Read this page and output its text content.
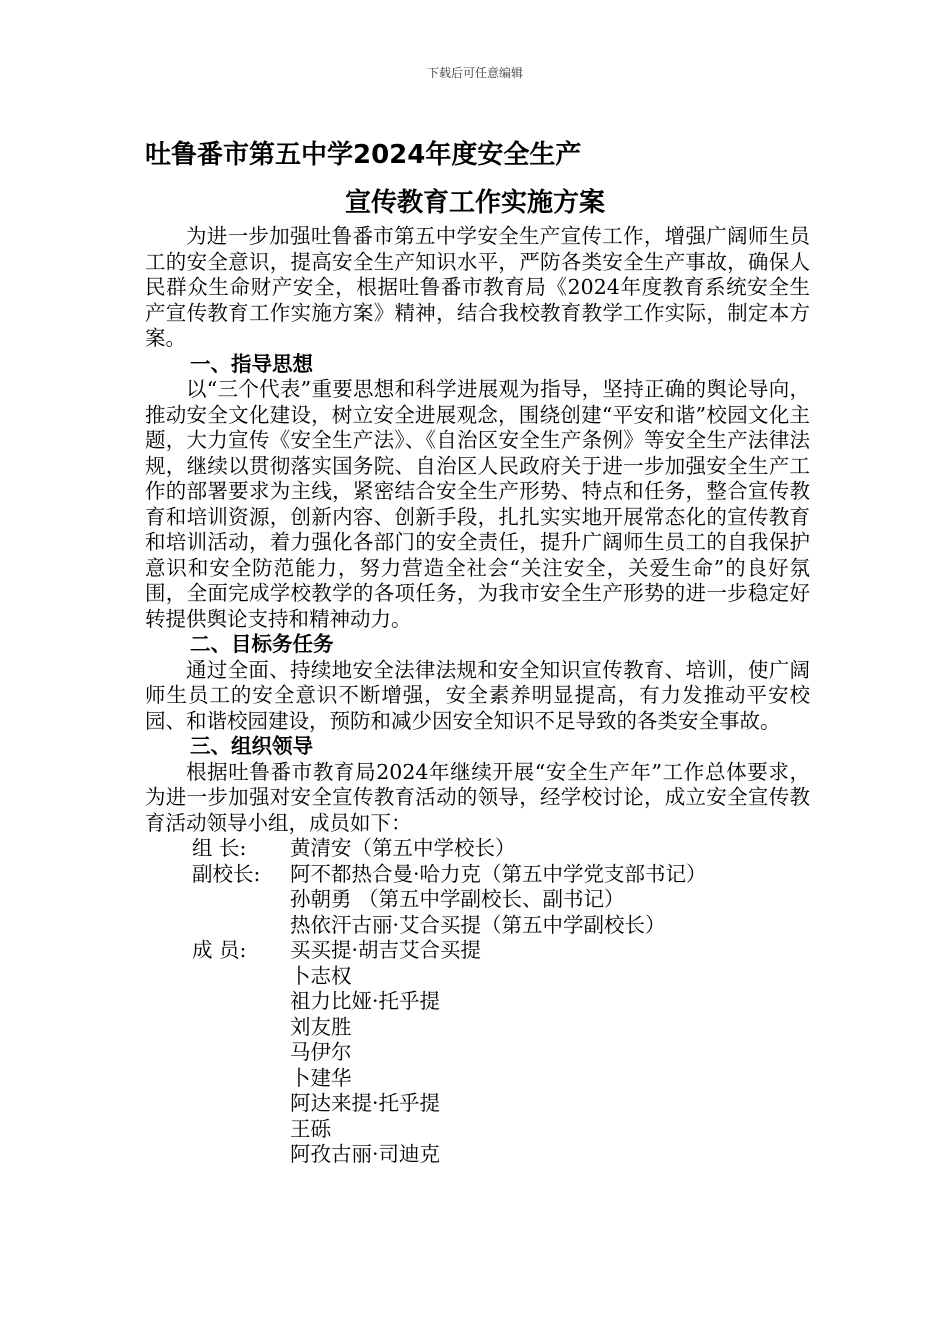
下载后可任意编辑
吐鲁番市第五中学2024年度安全生产
宣传教育工作实施方案

为进一步加强吐鲁番市第五中学安全生产宣传工作，增强广阔师生员工的安全意识，提高安全生产知识水平，严防各类安全生产事故，确保人民群众生命财产安全，根据吐鲁番市教育局《2024年度教育系统安全生产宣传教育工作实施方案》精神，结合我校教育教学工作实际，制定本方案。

一、指导思想

以“三个代表”重要思想和科学进展观为指导，坚持正确的舆论导向，推动安全文化建设，树立安全进展观念，围绕创建“平安和谐”校园文化主题，大力宣传《安全生产法》、《自治区安全生产条例》等安全生产法律法规，继续以贯彻落实国务院、自治区人民政府关于进一步加强安全生产工作的部署要求为主线，紧密结合安全生产形势、特点和任务，整合宣传教育和培训资源，创新内容、创新手段，扎扎实实地开展常态化的宣传教育和培训活动，着力强化各部门的安全责任，提升广阔师生员工的自我保护意识和安全防范能力，努力营造全社会“关注安全，关爱生命”的良好氛围，全面完成学校教学的各项任务，为我市安全生产形势的进一步稳定好转提供舆论支持和精神动力。

二、目标务任务

通过全面、持续地安全法律法规和安全知识宣传教育、培训，使广阔师生员工的安全意识不断增强，安全素养明显提高，有力发推动平安校园、和谐校园建设，预防和减少因安全知识不足导致的各类安全事故。

三、组织领导

根据吐鲁番市教育局2024年继续开展“安全生产年”工作总体要求，为进一步加强对安全宣传教育活动的领导，经学校讨论，成立安全宣传教育活动领导小组，成员如下：

组 长:	黄清安（第五中学校长）
副校长:	阿不都热合曼·哈力克（第五中学党支部书记）
孙朝勇 （第五中学副校长、副书记）
热依汗古丽·艾合买提（第五中学副校长）
成 员:	买买提·胡吉艾合买提
卜志权
祖力比娅·托乎提
刘友胜
马伊尔
卜建华
阿达来提·托乎提
王砾
阿孜古丽·司迪克
